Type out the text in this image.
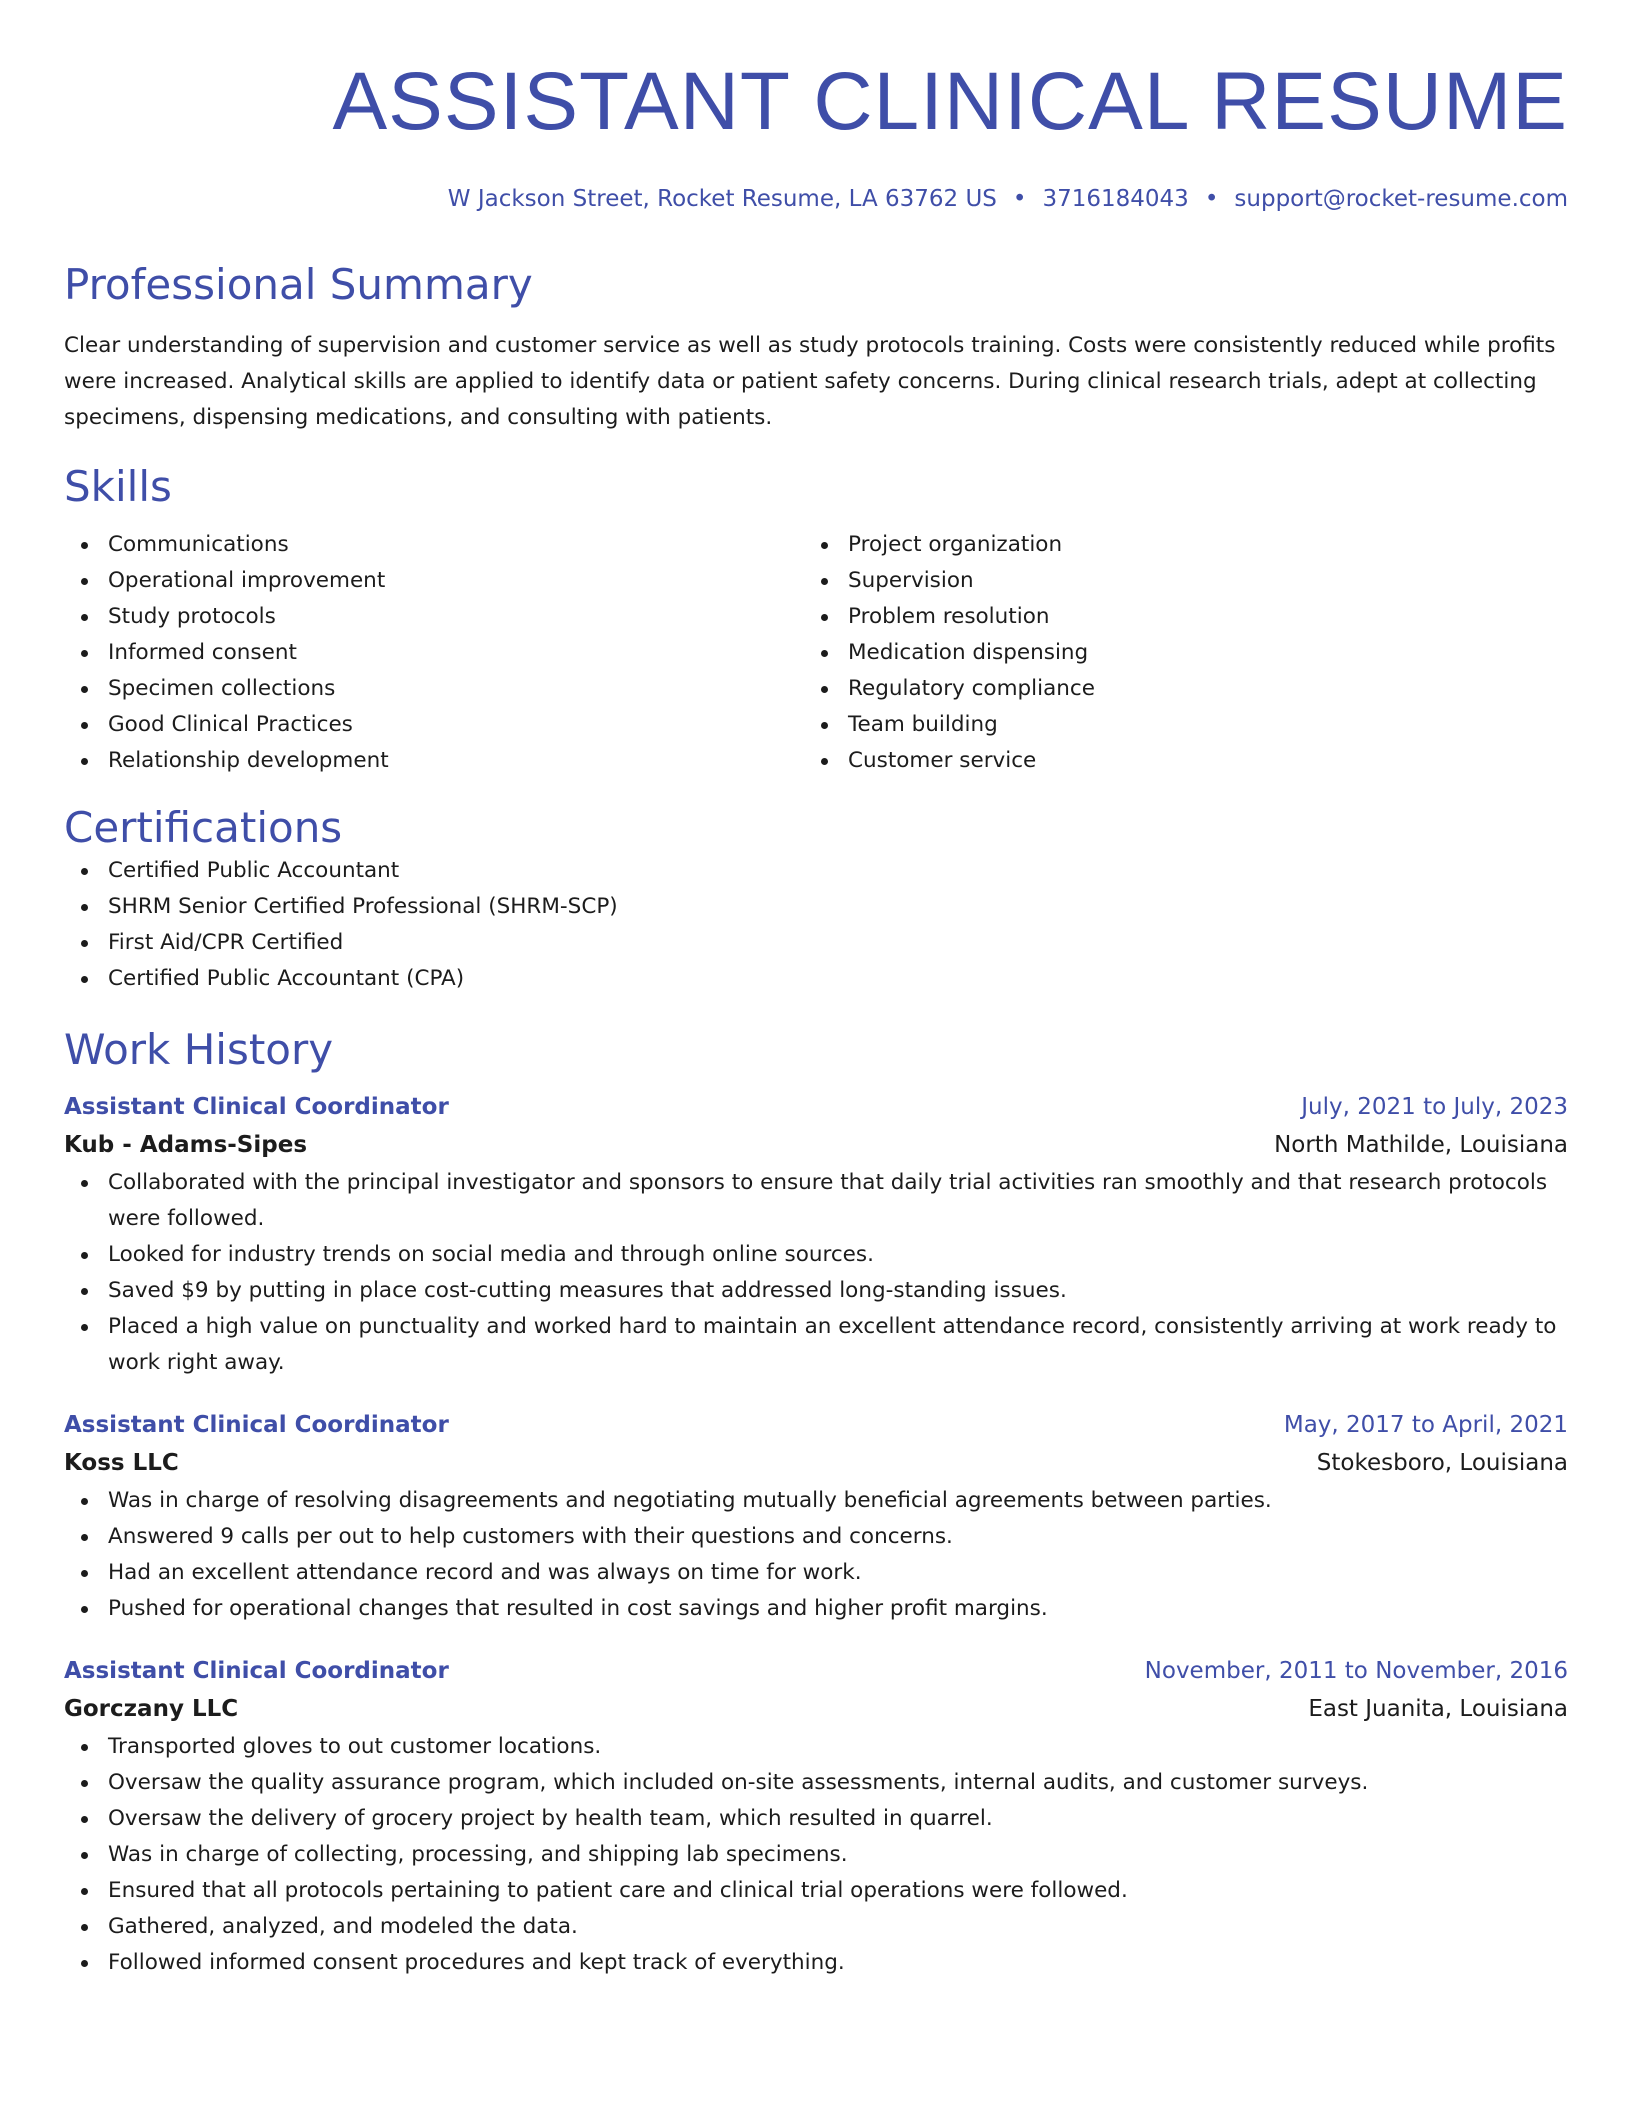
ASSISTANT CLINICAL RESUME
W Jackson Street, Rocket Resume, LA 63762 US • 3716184043 • support@rocket-resume.com
Professional Summary
Clear understanding of supervision and customer service as well as study protocols training. Costs were consistently reduced while profits were increased. Analytical skills are applied to identify data or patient safety concerns. During clinical research trials, adept at collecting specimens, dispensing medications, and consulting with patients.
Skills
Communications
Operational improvement
Study protocols
Informed consent
Specimen collections
Good Clinical Practices
Relationship development
Project organization
Supervision
Problem resolution
Medication dispensing
Regulatory compliance
Team building
Customer service
Certifications
Certified Public Accountant
SHRM Senior Certified Professional (SHRM-SCP)
First Aid/CPR Certified
Certified Public Accountant (CPA)
Work History
Assistant Clinical Coordinator	July, 2021 to July, 2023
Kub - Adams-Sipes	North Mathilde, Louisiana
Collaborated with the principal investigator and sponsors to ensure that daily trial activities ran smoothly and that research protocols were followed.
Looked for industry trends on social media and through online sources.
Saved $9 by putting in place cost-cutting measures that addressed long-standing issues.
Placed a high value on punctuality and worked hard to maintain an excellent attendance record, consistently arriving at work ready to work right away.
Assistant Clinical Coordinator	May, 2017 to April, 2021
Koss LLC	Stokesboro, Louisiana
Was in charge of resolving disagreements and negotiating mutually beneficial agreements between parties.
Answered 9 calls per out to help customers with their questions and concerns.
Had an excellent attendance record and was always on time for work.
Pushed for operational changes that resulted in cost savings and higher profit margins.
Assistant Clinical Coordinator	November, 2011 to November, 2016
Gorczany LLC	East Juanita, Louisiana
Transported gloves to out customer locations.
Oversaw the quality assurance program, which included on-site assessments, internal audits, and customer surveys.
Oversaw the delivery of grocery project by health team, which resulted in quarrel.
Was in charge of collecting, processing, and shipping lab specimens.
Ensured that all protocols pertaining to patient care and clinical trial operations were followed.
Gathered, analyzed, and modeled the data.
Followed informed consent procedures and kept track of everything.
